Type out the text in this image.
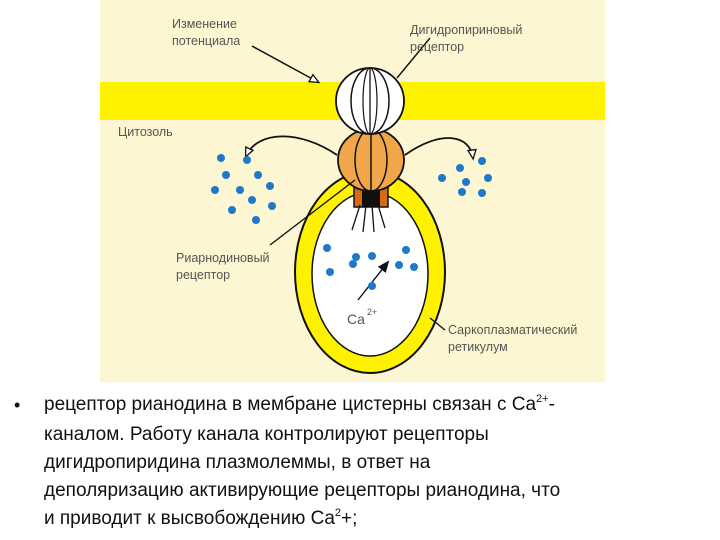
Изменение
потенциала
Дигидропириновый
рецептор
Цитозоль
Риарнодиновый
рецептор
Саркоплазматический
ретикулум
Ca 2+
•	рецептор рианодина в мембране цистерны связан с $Ca^{2+}-$
каналом. Работу канала контролируют рецепторы
дигидропиридина плазмолеммы, в ответ на
деполяризацию активирующие рецепторы рианодина, что
и приводит к высвобождению $Ca^2+$;
